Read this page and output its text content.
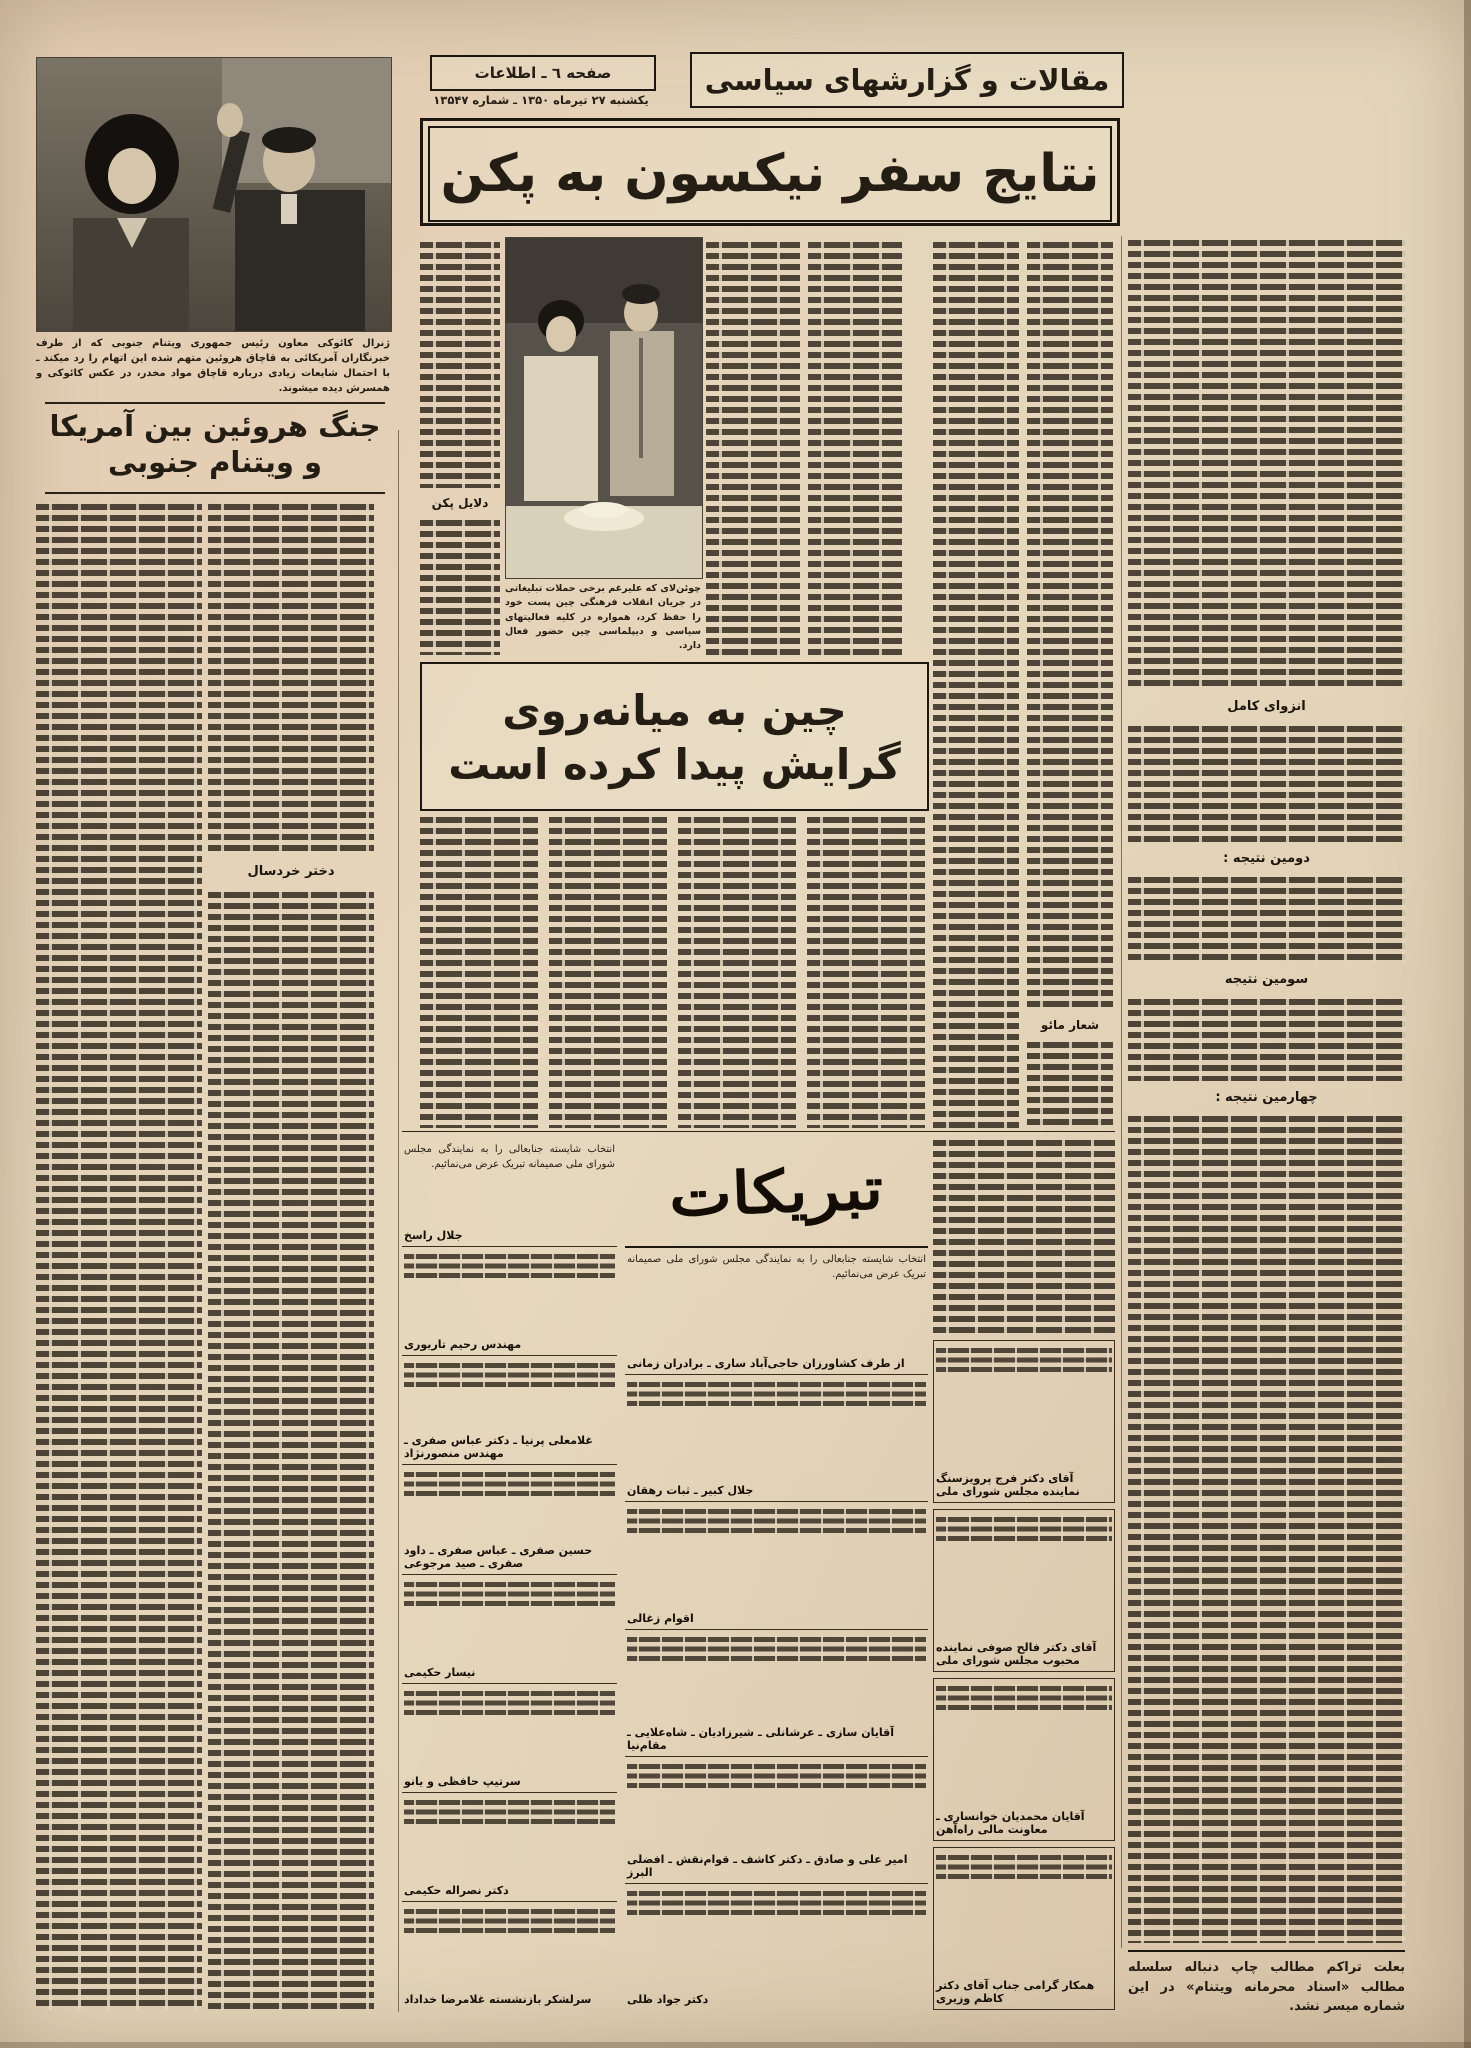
مقالات و گزارشهای سیاسی
صفحه ٦ ـ اطلاعات
یکشنبه ۲۷ تیرماه ۱۳۵۰ ـ شماره ۱۳۵۴۷
نتایج سفر نیکسون به پکن
ژنرال کائوکی معاون رئیس جمهوری ویتنام جنوبی که از طرف خبرنگاران آمریکائی به قاچاق هروئین متهم شده این اتهام را رد میکند ـ با احتمال شایعات زیادی درباره قاچاق مواد مخدر، در عکس کائوکی و همسرش دیده میشوند.
جنگ هروئین بین آمریکا
و ویتنام جنوبی
دختر خردسال
چوئن‌لای که علیرغم برخی حملات تبلیغاتی در جریان انقلاب فرهنگی چین پست خود را حفظ کرد، همواره در کلیه فعالیتهای سیاسی و دیپلماسی چین حضور فعال دارد.
دلایل پکن
شعار مائو
چین به میانه‌روی
گرایش پیدا کرده است
انزوای کامل
دومین نتیجه :
سومین نتیجه
چهارمین نتیجه :
بعلت تراکم مطالب چاپ دنباله سلسله مطالب «اسناد محرمانه ویتنام» در این شماره میسر نشد.
انتخاب شایسته جنابعالی را به نمایندگی مجلس شورای ملی صمیمانه تبریک عرض می‌نمائیم.
جلال راسخ
مهندس رحیم تاریوری
غلامعلی پرنیا ـ دکتر عباس صفری ـ مهندس منصورنژاد
حسین صفری ـ عباس صفری ـ داود صفری ـ صید مرجوعی
نیسار حکیمی
سرتیپ حافظی و یانو
دکتر نصراله حکیمی
سرلشکر بازنشسته غلامرضا خداداد
تبریکات
انتخاب شایسته جنابعالی را به نمایندگی مجلس شورای ملی صمیمانه تبریک عرض می‌نمائیم.
از طرف کشاورزان حاجی‌آباد ساری ـ برادران زمانی
جلال کبیر ـ ثبات رهقان
اقوام زغالی
آقایان سازی ـ عرشانلی ـ شیرزادیان ـ شاه‌علایی ـ مقام‌نیا
امیر علی و صادق ـ دکتر کاشف ـ قوام‌نقش ـ افضلی البرز
دکتر جواد ظلی
آقای دکتر فرج پرویزسنگ نماینده مجلس شورای ملی
آقای دکتر فالح صوفی نماینده محبوب مجلس شورای ملی
آقایان محمدیان خوانساری ـ معاونت مالی راه‌آهن
همکار گرامی جناب آقای دکتر کاظم وزیری
